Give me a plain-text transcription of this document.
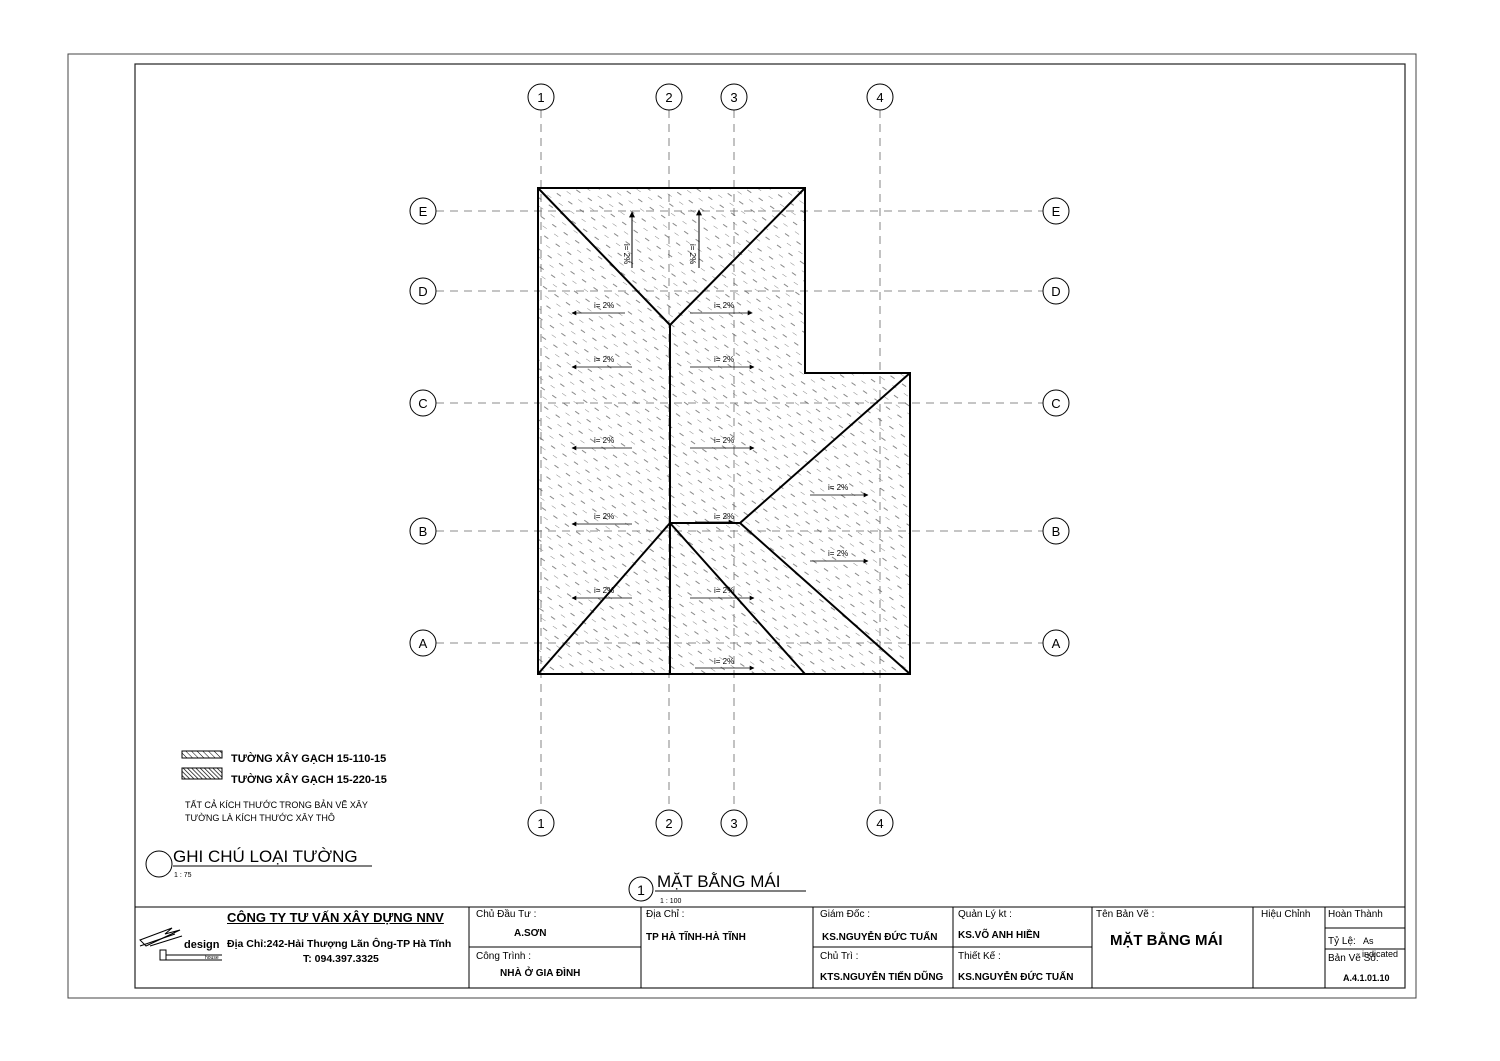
i= 2%	i= 2%
i= 2%	i= 2%
i= 2%	i= 2%
i= 2%	i= 2%
i= 2%	i= 2%
i= 2%
i= 2%
i= 2%	i= 2%
i= 2%
1	2	3	4
1	2	3	4
E
D
C
B
A
E
D
C
B
A
TƯỜNG XÂY GẠCH 15-110-15
TƯỜNG XÂY GẠCH 15-220-15
TẤT CẢ KÍCH THƯỚC TRONG BẢN VẼ XÂY
TƯỜNG LÀ KÍCH THƯỚC XÂY THÔ
GHI CHÚ LOẠI TƯỜNG
1 : 75
1 MẶT BẰNG MÁI
1 : 100
design
house
CÔNG TY TƯ VẤN XÂY DỰNG NNV
Địa Chỉ:242-Hải Thượng Lãn Ông-TP Hà Tĩnh
T: 094.397.3325
Chủ Đầu Tư :
A.SƠN
Công Trình :
NHÀ Ở GIA ĐÌNH
Địa Chỉ :
TP HÀ TĨNH-HÀ TĨNH
Giám Đốc :
KS.NGUYỄN ĐỨC TUẤN
Chủ Trì :
KTS.NGUYỄN TIẾN DŨNG
Quản Lý kt :
KS.VÕ ANH HIỀN
Thiết Kế :
KS.NGUYỄN ĐỨC TUẤN
Tên Bản Vẽ :
MẶT BẰNG MÁI
Hiệu Chỉnh Hoàn Thành
Tỷ Lệ: As
indicated
Bản Vẽ Số:
A.4.1.01.10
